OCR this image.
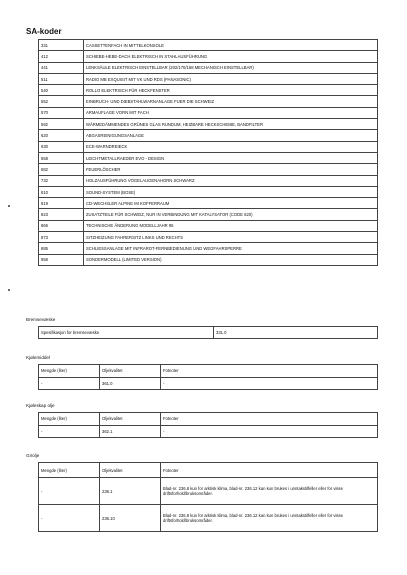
SA-koder
331	CASSETTENFACH IN MITTELKONSOLE
412	SCHIEBE-HEBE-DACH ELEKTRISCH IN STAHLAUSFÜHRUNG
441	LENKSÄULE ELEKTRISCH EINSTELLBAR (202/170/168 MECHANISCH EINSTELLBAR)
511	RADIO MB EXQUISIT MIT VK UND RDS (PANASONIC)
540	ROLLO ELEKTRISCH FÜR HECKFENSTER
552	EINBRUCH- UND DIEBSTAHLWARNANLAGE FUER DIE SCHWEIZ
570	ARMAUFLAGE VORN MIT FACH
592	WÄRMEDÄMMENDES GRÜNES GLAS RUNDUM, HEIZBARE HECKSCHEIBE, BANDFILTER
620	ABGASREINIGUNGSANLAGE
630	ECE-WARNDREIECK
658	LEICHTMETALLRAEDER EVO - DESIGN
682	FEUERLÖSCHER
732	HOLZAUSFÜHRUNG VOGELAUGENAHORN SCHWARZ
810	SOUND-SYSTEM (BOSE)
819	CD-WECHSLER ALPINE IM KOFFERRAUM
823	ZUSATZTEILE FÜR SCHWEIZ, NUR IN VERBINDUNG MIT KATALYSATOR (CODE 620)
866	TECHNISCHE ÄNDERUNG MODELLJAHR 95
873	SITZHEIZUNG FAHRERSITZ LINKS UND RECHTS
885	SCHLIESSANLAGE MIT INFRAROT-FERNBEDIENUNG UND WEGFAHRSPERRE
958	SONDERMODELL (LIMITED VERSION)
Bremsevæske
Spesifikasjon for bremsevæske	331.0
Kjølemiddel
Mengde (liter)	Oljekvalitet	Fotnoter
-	361.0	-
Kjøleskap olje
Mengde (liter)	Oljekvalitet	Fotnoter
-	362.1	-
Girolje
Mengde (liter)	Oljekvalitet	Fotnoter
-	236.1	Blad-nr. 236.8 kun for arktisk klima, blad-nr. 236.12 kan kun brukes i unntakstilfeller eller for visse driftsforhold/bruksområder.
-	236.10	Blad-nr. 236.8 kun for arktisk klima, blad-nr. 236.12 kan kun brukes i unntakstilfeller eller for visse driftsforhold/bruksområder.
